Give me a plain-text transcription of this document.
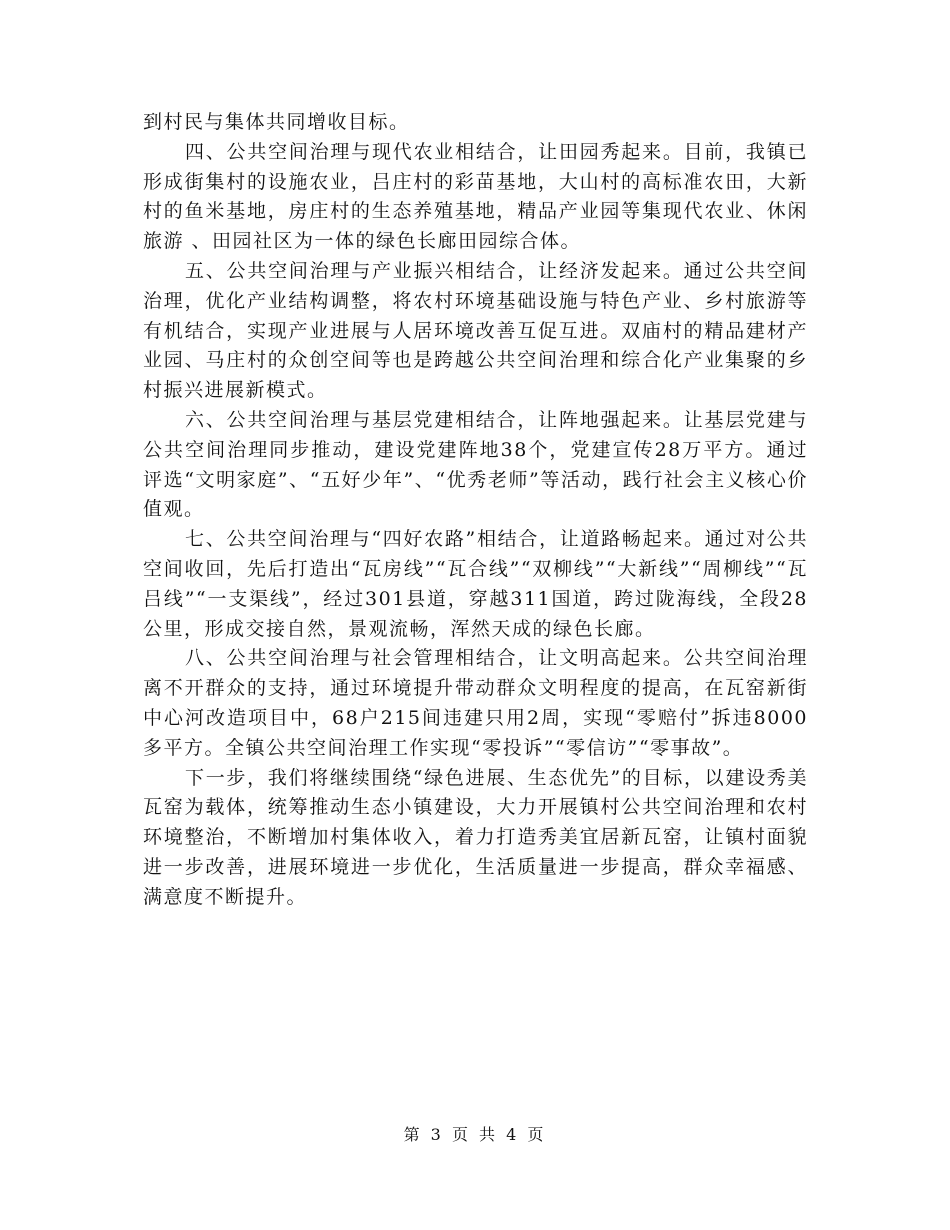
到村民与集体共同增收目标。

四、公共空间治理与现代农业相结合，让田园秀起来。目前，我镇已形成街集村的设施农业，吕庄村的彩苗基地，大山村的高标准农田，大新村的鱼米基地，房庄村的生态养殖基地，精品产业园等集现代农业、休闲旅游 、田园社区为一体的绿色长廊田园综合体。

五、公共空间治理与产业振兴相结合，让经济发起来。通过公共空间治理，优化产业结构调整，将农村环境基础设施与特色产业、乡村旅游等有机结合，实现产业进展与人居环境改善互促互进。双庙村的精品建材产业园、马庄村的众创空间等也是跨越公共空间治理和综合化产业集聚的乡村振兴进展新模式。

六、公共空间治理与基层党建相结合，让阵地强起来。让基层党建与公共空间治理同步推动，建设党建阵地38个，党建宣传28万平方。通过评选“文明家庭”、“五好少年”、“优秀老师”等活动，践行社会主义核心价值观。

七、公共空间治理与“四好农路”相结合，让道路畅起来。通过对公共空间收回，先后打造出“瓦房线”“瓦合线”“双柳线”“大新线”“周柳线”“瓦吕线”“一支渠线”，经过301县道，穿越311国道，跨过陇海线，全段28公里，形成交接自然，景观流畅，浑然天成的绿色长廊。

八、公共空间治理与社会管理相结合，让文明高起来。公共空间治理离不开群众的支持，通过环境提升带动群众文明程度的提高，在瓦窑新街中心河改造项目中，68户215间违建只用2周，实现“零赔付”拆违8000多平方。全镇公共空间治理工作实现“零投诉”“零信访”“零事故”。

下一步，我们将继续围绕“绿色进展、生态优先”的目标，以建设秀美瓦窑为载体，统筹推动生态小镇建设，大力开展镇村公共空间治理和农村环境整治，不断增加村集体收入，着力打造秀美宜居新瓦窑，让镇村面貌进一步改善，进展环境进一步优化，生活质量进一步提高，群众幸福感、满意度不断提升。

第 3 页 共 4 页
